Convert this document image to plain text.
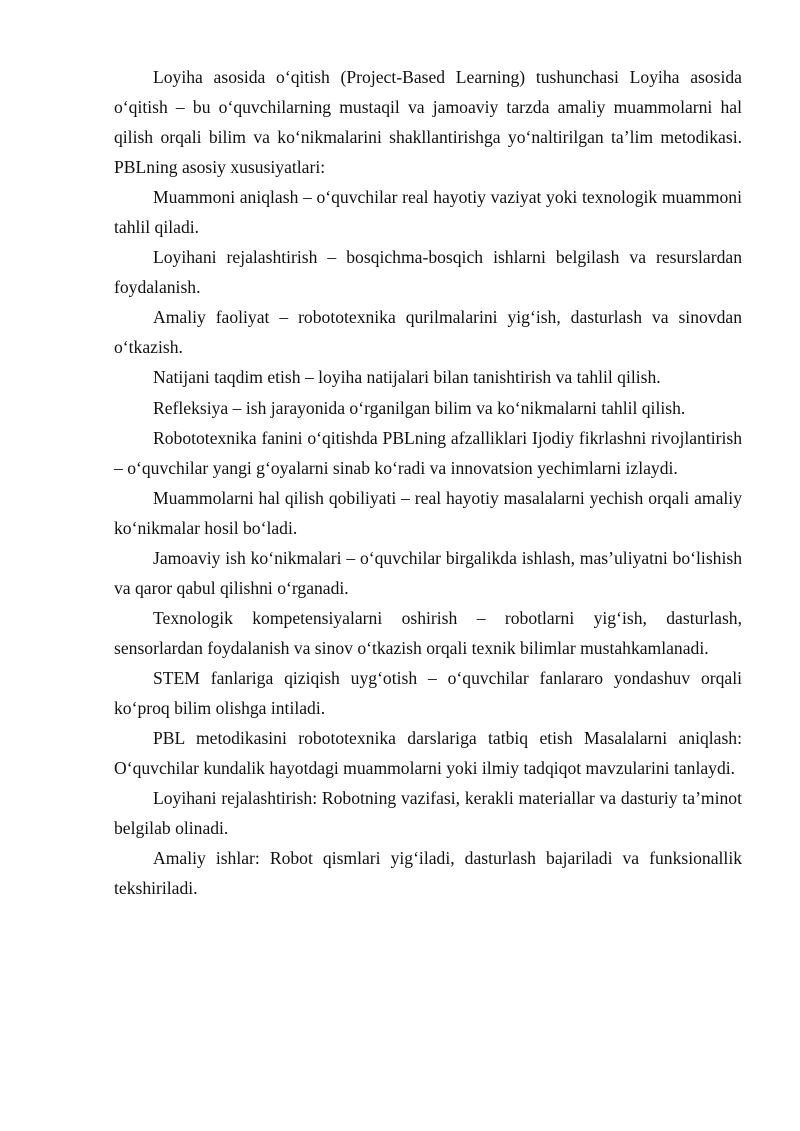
Loyiha asosida o‘qitish (Project-Based Learning) tushunchasi Loyiha asosida o‘qitish – bu o‘quvchilarning mustaqil va jamoaviy tarzda amaliy muammolarni hal qilish orqali bilim va ko‘nikmalarini shakllantirishga yo‘naltirilgan ta’lim metodikasi. PBLning asosiy xususiyatlari:

Muammoni aniqlash – o‘quvchilar real hayotiy vaziyat yoki texnologik muammoni tahlil qiladi.

Loyihani rejalashtirish – bosqichma-bosqich ishlarni belgilash va resurslardan foydalanish.

Amaliy faoliyat – robototexnika qurilmalarini yig‘ish, dasturlash va sinovdan o‘tkazish.

Natijani taqdim etish – loyiha natijalari bilan tanishtirish va tahlil qilish.

Refleksiya – ish jarayonida o‘rganilgan bilim va ko‘nikmalarni tahlil qilish.

Robototexnika fanini o‘qitishda PBLning afzalliklari Ijodiy fikrlashni rivojlantirish – o‘quvchilar yangi g‘oyalarni sinab ko‘radi va innovatsion yechimlarni izlaydi.

Muammolarni hal qilish qobiliyati – real hayotiy masalalarni yechish orqali amaliy ko‘nikmalar hosil bo‘ladi.

Jamoaviy ish ko‘nikmalari – o‘quvchilar birgalikda ishlash, mas’uliyatni bo‘lishish va qaror qabul qilishni o‘rganadi.

Texnologik kompetensiyalarni oshirish – robotlarni yig‘ish, dasturlash, sensorlardan foydalanish va sinov o‘tkazish orqali texnik bilimlar mustahkamlanadi.

STEM fanlariga qiziqish uyg‘otish – o‘quvchilar fanlararo yondashuv orqali ko‘proq bilim olishga intiladi.

PBL metodikasini robototexnika darslariga tatbiq etish Masalalarni aniqlash: O‘quvchilar kundalik hayotdagi muammolarni yoki ilmiy tadqiqot mavzularini tanlaydi.

Loyihani rejalashtirish: Robotning vazifasi, kerakli materiallar va dasturiy ta’minot belgilab olinadi.

Amaliy ishlar: Robot qismlari yig‘iladi, dasturlash bajariladi va funksionallik tekshiriladi.
